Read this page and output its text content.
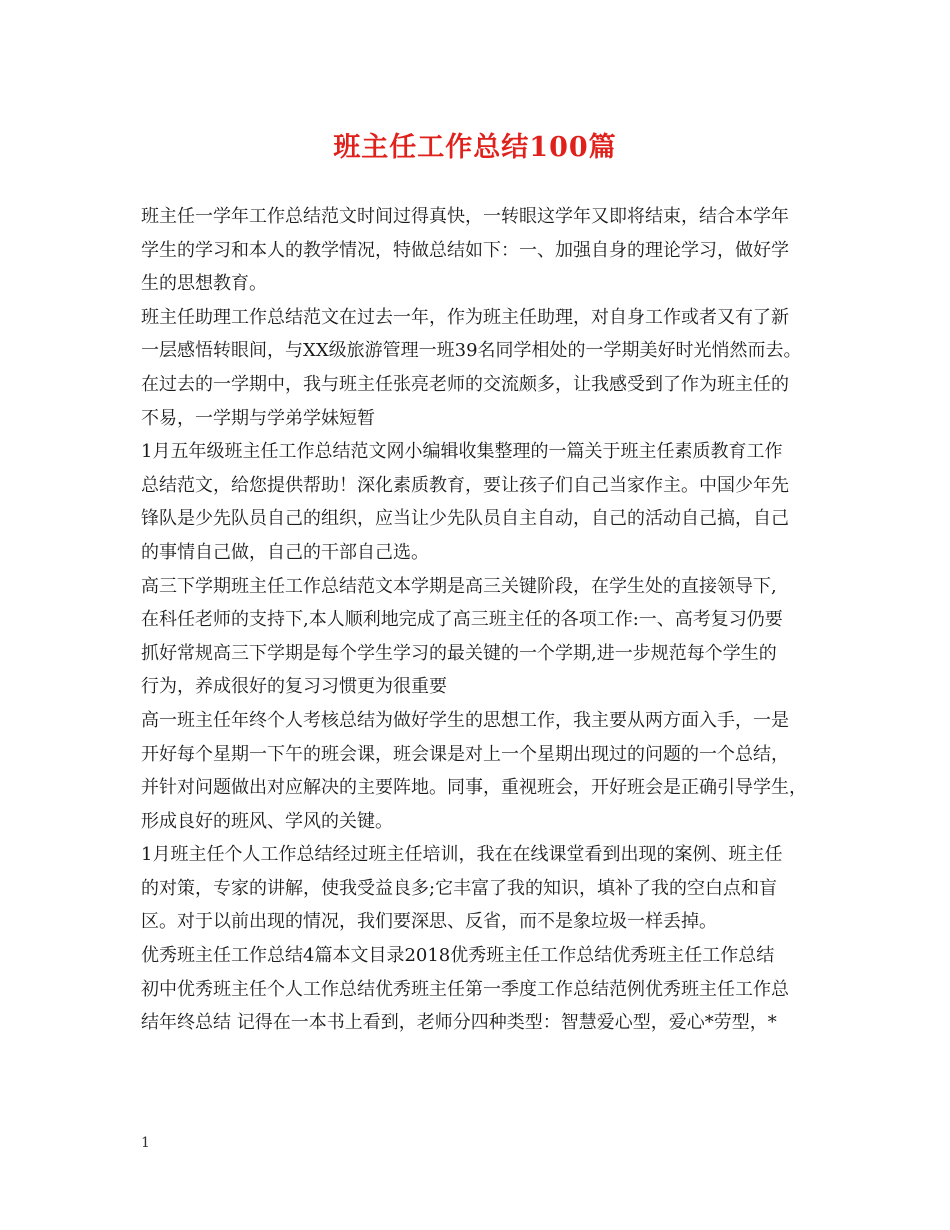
班主任工作总结100篇
班主任一学年工作总结范文时间过得真快，一转眼这学年又即将结束，结合本学年
学生的学习和本人的教学情况，特做总结如下：一、加强自身的理论学习，做好学
生的思想教育。
班主任助理工作总结范文在过去一年，作为班主任助理，对自身工作或者又有了新
一层感悟转眼间，与XX级旅游管理一班39名同学相处的一学期美好时光悄然而去。
在过去的一学期中，我与班主任张亮老师的交流颇多，让我感受到了作为班主任的
不易，一学期与学弟学妹短暂
1月五年级班主任工作总结范文网小编辑收集整理的一篇关于班主任素质教育工作
总结范文，给您提供帮助！深化素质教育，要让孩子们自己当家作主。中国少年先
锋队是少先队员自己的组织，应当让少先队员自主自动，自己的活动自己搞，自己
的事情自己做，自己的干部自己选。
高三下学期班主任工作总结范文本学期是高三关键阶段，在学生处的直接领导下,
在科任老师的支持下,本人顺利地完成了高三班主任的各项工作:一、高考复习仍要
抓好常规高三下学期是每个学生学习的最关键的一个学期,进一步规范每个学生的
行为，养成很好的复习习惯更为很重要
高一班主任年终个人考核总结为做好学生的思想工作，我主要从两方面入手，一是
开好每个星期一下午的班会课，班会课是对上一个星期出现过的问题的一个总结，
并针对问题做出对应解决的主要阵地。同事，重视班会，开好班会是正确引导学生，
形成良好的班风、学风的关键。
1月班主任个人工作总结经过班主任培训，我在在线课堂看到出现的案例、班主任
的对策，专家的讲解，使我受益良多;它丰富了我的知识，填补了我的空白点和盲
区。对于以前出现的情况，我们要深思、反省，而不是象垃圾一样丢掉。
优秀班主任工作总结4篇本文目录2018优秀班主任工作总结优秀班主任工作总结
初中优秀班主任个人工作总结优秀班主任第一季度工作总结范例优秀班主任工作总
结年终总结 记得在一本书上看到，老师分四种类型：智慧爱心型，爱心*劳型，*
1
